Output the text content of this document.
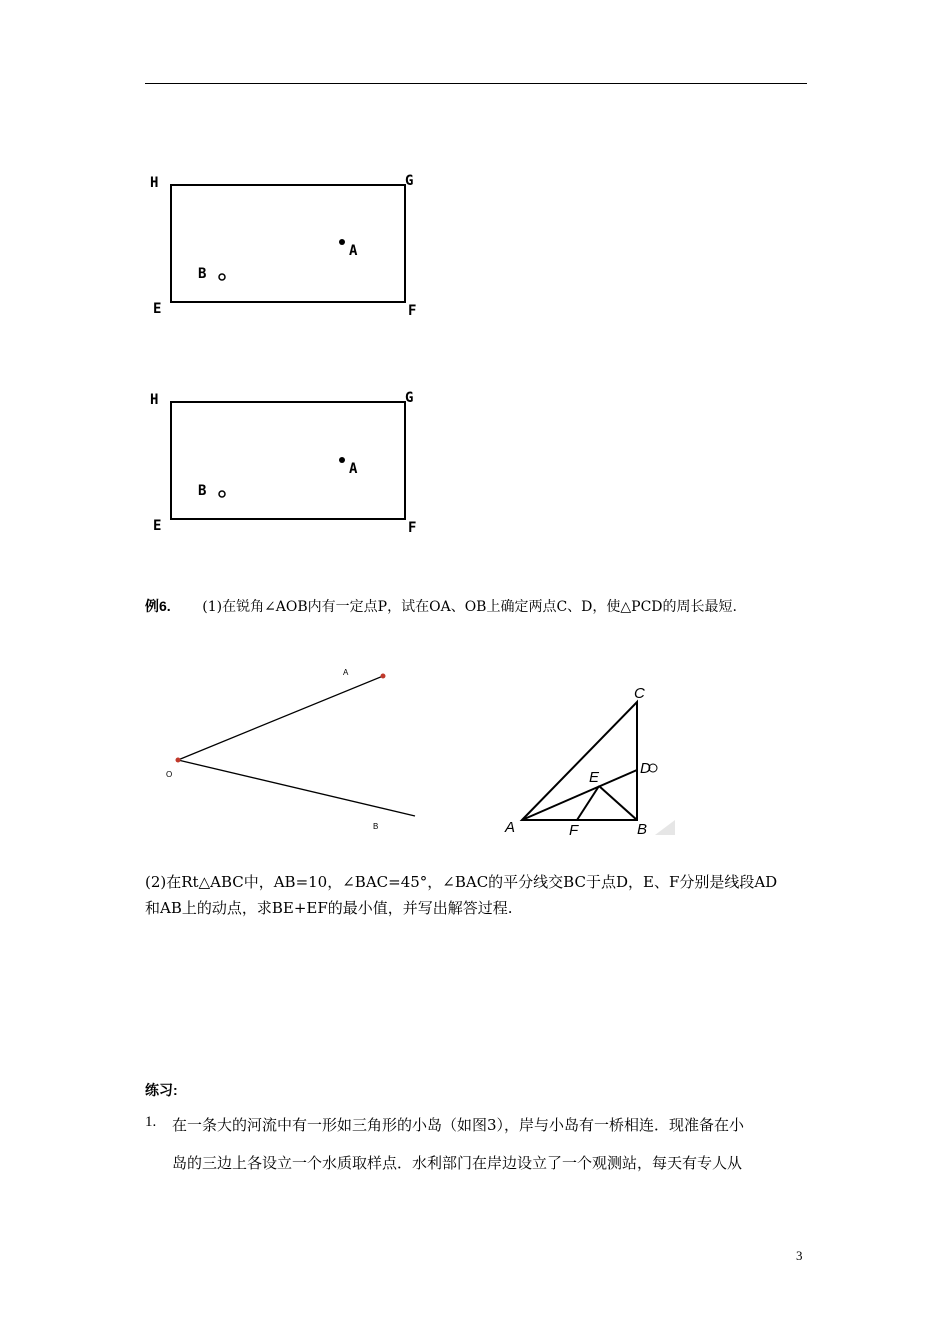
H	G
E	F
A
B
H	G
E	F
A
B
例6. (1)在锐角∠AOB内有一定点P，试在OA、OB上确定两点C、D，使△PCD的周长最短.
A
O
B
C
D
E
A	F	B
(2)在Rt△ABC中，AB=10，∠BAC=45°，∠BAC的平分线交BC于点D，E、F分别是线段AD
和AB上的动点，求BE+EF的最小值，并写出解答过程.
练习:
1. 在一条大的河流中有一形如三角形的小岛（如图3），岸与小岛有一桥相连．现准备在小
岛的三边上各设立一个水质取样点．水利部门在岸边设立了一个观测站，每天有专人从
3
